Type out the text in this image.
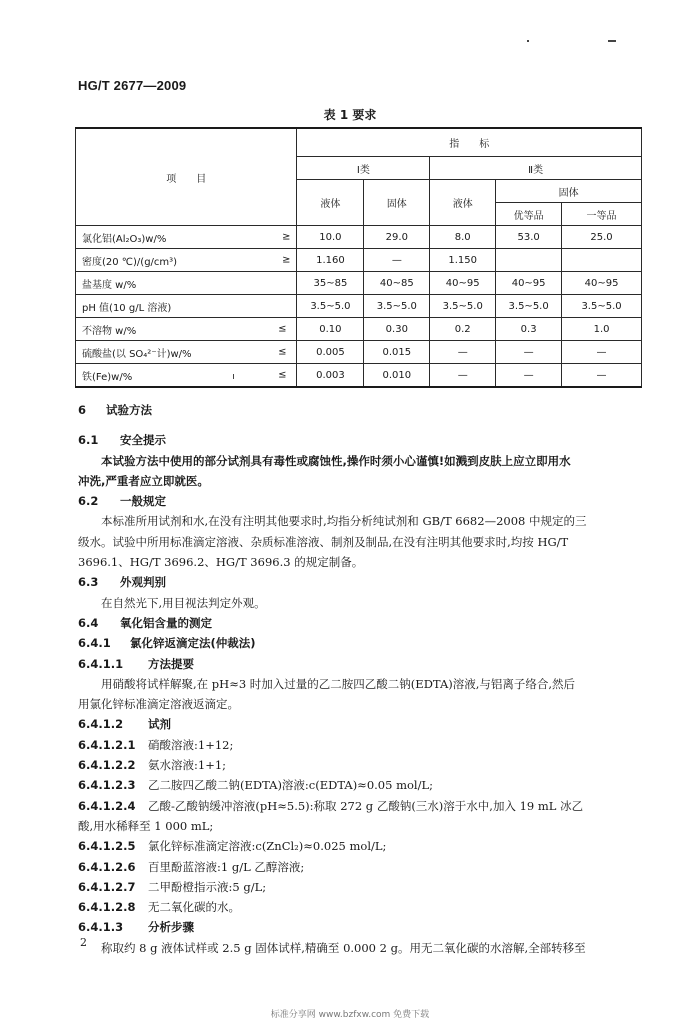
HG/T 2677—2009
表 1 要求
项　　目	指　　标				
	Ⅰ类		Ⅱ类		
	液体	固体	液体	固体	
				优等品	一等品
氯化铝(Al₂O₃)w/% ≥	10.0	29.0	8.0	53.0	25.0
密度(20 ℃)/(g/cm³) ≥	1.160	—	1.150		
盐基度 w/%	35~85	40~85	40~95	40~95	40~95
pH 值(10 g/L 溶液)	3.5~5.0	3.5~5.0	3.5~5.0	3.5~5.0	3.5~5.0
不溶物 w/% ≤	0.10	0.30	0.2	0.3	1.0
硫酸盐(以 SO₄²⁻计)w/% ≤	0.005	0.015	—	—	—
铁(Fe)w/% ≤	0.003	0.010	—	—	—
6 试验方法
6.1 安全提示
本试验方法中使用的部分试剂具有毒性或腐蚀性,操作时须小心谨慎!如溅到皮肤上应立即用水
冲洗,严重者应立即就医。
6.2 一般规定
本标准所用试剂和水,在没有注明其他要求时,均指分析纯试剂和 GB/T 6682—2008 中规定的三
级水。试验中所用标准滴定溶液、杂质标准溶液、制剂及制品,在没有注明其他要求时,均按 HG/T
3696.1、HG/T 3696.2、HG/T 3696.3 的规定制备。
6.3 外观判别
在自然光下,用目视法判定外观。
6.4 氧化铝含量的测定
6.4.1 氯化锌返滴定法(仲裁法)
6.4.1.1 方法提要
用硝酸将试样解聚,在 pH≈3 时加入过量的乙二胺四乙酸二钠(EDTA)溶液,与铝离子络合,然后
用氯化锌标准滴定溶液返滴定。
6.4.1.2 试剂
6.4.1.2.1 硝酸溶液:1+12;
6.4.1.2.2 氨水溶液:1+1;
6.4.1.2.3 乙二胺四乙酸二钠(EDTA)溶液:c(EDTA)≈0.05 mol/L;
6.4.1.2.4 乙酸-乙酸钠缓冲溶液(pH≈5.5):称取 272 g 乙酸钠(三水)溶于水中,加入 19 mL 冰乙
酸,用水稀释至 1 000 mL;
6.4.1.2.5 氯化锌标准滴定溶液:c(ZnCl₂)≈0.025 mol/L;
6.4.1.2.6 百里酚蓝溶液:1 g/L 乙醇溶液;
6.4.1.2.7 二甲酚橙指示液:5 g/L;
6.4.1.2.8 无二氧化碳的水。
6.4.1.3 分析步骤
称取约 8 g 液体试样或 2.5 g 固体试样,精确至 0.000 2 g。用无二氧化碳的水溶解,全部转移至
2
标准分享网 www.bzfxw.com 免费下载
